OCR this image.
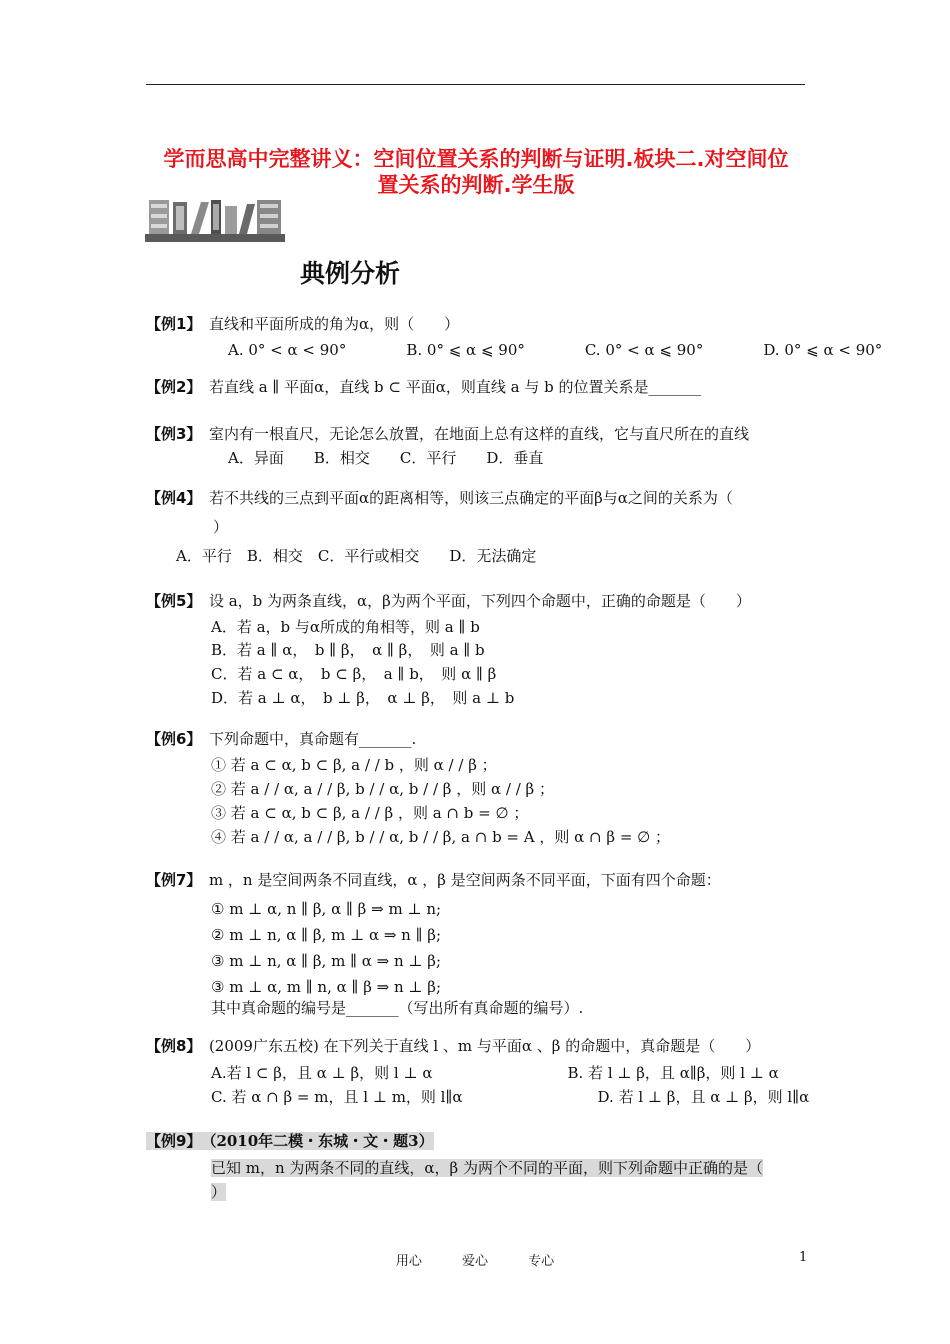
学而思高中完整讲义：空间位置关系的判断与证明.板块二.对空间位
置关系的判断.学生版
典例分析
【例1】　直线和平面所成的角为α，则（　　）
A. 0° < α < 90°　　　　B. 0° ⩽ α ⩽ 90°　　　　C. 0° < α ⩽ 90°　　　　D. 0° ⩽ α < 90°
【例2】　若直线 a ∥ 平面α，直线 b ⊂ 平面α，则直线 a 与 b 的位置关系是_______
【例3】　室内有一根直尺，无论怎么放置，在地面上总有这样的直线，它与直尺所在的直线
A．异面　　B．相交　　C．平行　　D．垂直
【例4】　若不共线的三点到平面α的距离相等，则该三点确定的平面β与α之间的关系为（
）
A．平行　B．相交　C．平行或相交　　D．无法确定
【例5】　设 a，b 为两条直线，α，β为两个平面，下列四个命题中，正确的命题是（　　）
A．若 a，b 与α所成的角相等，则 a ∥ b
B．若 a ∥ α，　b ∥ β，　α ∥ β，　则 a ∥ b
C．若 a ⊂ α，　b ⊂ β，　a ∥ b，　则 α ∥ β
D．若 a ⊥ α，　b ⊥ β，　α ⊥ β，　则 a ⊥ b
【例6】　下列命题中，真命题有_______.
① 若 a ⊂ α, b ⊂ β, a / / b ，则 α / / β ；
② 若 a / / α, a / / β, b / / α, b / / β ，则 α / / β ；
③ 若 a ⊂ α, b ⊂ β, a / / β ，则 a ∩ b = ∅ ；
④ 若 a / / α, a / / β, b / / α, b / / β, a ∩ b = A ，则 α ∩ β = ∅ ；
【例7】　m ，n 是空间两条不同直线，α ，β 是空间两条不同平面，下面有四个命题：
① m ⊥ α, n ∥ β, α ∥ β ⇒ m ⊥ n;
② m ⊥ n, α ∥ β, m ⊥ α ⇒ n ∥ β;
③ m ⊥ n, α ∥ β, m ∥ α ⇒ n ⊥ β;
③ m ⊥ α, m ∥ n, α ∥ β ⇒ n ⊥ β;
其中真命题的编号是_______（写出所有真命题的编号）.
【例8】　(2009广东五校) 在下列关于直线 l 、m 与平面α 、β 的命题中，真命题是（　　）
A.若 l ⊂ β，且 α ⊥ β，则 l ⊥ α　　　　　　　　　B. 若 l ⊥ β，且 α∥β，则 l ⊥ α
C. 若 α ∩ β = m，且 l ⊥ m，则 l∥α　　　　　　　　　D. 若 l ⊥ β，且 α ⊥ β，则 l∥α
【例9】　（2010年二模・东城・文・题3）
已知 m，n 为两条不同的直线，α，β 为两个不同的平面，则下列命题中正确的是（
）
用心	爱心	专心	1
